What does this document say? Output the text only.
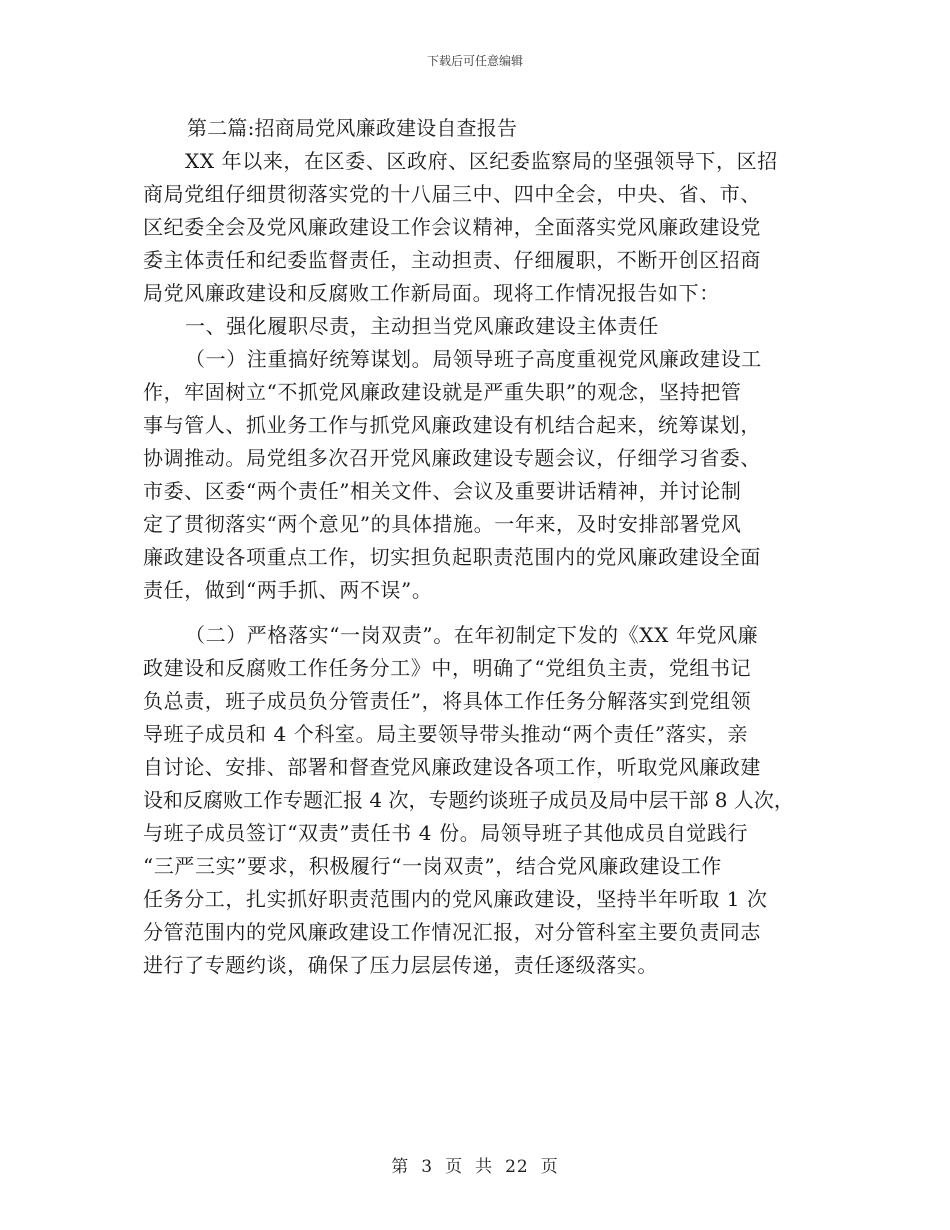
下载后可任意编辑
第二篇:招商局党风廉政建设自查报告
XX 年以来，在区委、区政府、区纪委监察局的坚强领导下，区招
商局党组仔细贯彻落实党的十八届三中、四中全会，中央、省、市、
区纪委全会及党风廉政建设工作会议精神，全面落实党风廉政建设党
委主体责任和纪委监督责任，主动担责、仔细履职，不断开创区招商
局党风廉政建设和反腐败工作新局面。现将工作情况报告如下：
一、强化履职尽责，主动担当党风廉政建设主体责任
（一）注重搞好统筹谋划。局领导班子高度重视党风廉政建设工
作，牢固树立“不抓党风廉政建设就是严重失职”的观念，坚持把管
事与管人、抓业务工作与抓党风廉政建设有机结合起来，统筹谋划，
协调推动。局党组多次召开党风廉政建设专题会议，仔细学习省委、
市委、区委“两个责任”相关文件、会议及重要讲话精神，并讨论制
定了贯彻落实“两个意见”的具体措施。一年来，及时安排部署党风
廉政建设各项重点工作，切实担负起职责范围内的党风廉政建设全面
责任，做到“两手抓、两不误”。
（二）严格落实“一岗双责”。在年初制定下发的《XX 年党风廉
政建设和反腐败工作任务分工》中，明确了“党组负主责，党组书记
负总责，班子成员负分管责任”，将具体工作任务分解落实到党组领
导班子成员和 4 个科室。局主要领导带头推动“两个责任”落实，亲
自讨论、安排、部署和督查党风廉政建设各项工作，听取党风廉政建
设和反腐败工作专题汇报 4 次，专题约谈班子成员及局中层干部 8 人次，
与班子成员签订“双责”责任书 4 份。局领导班子其他成员自觉践行
“三严三实”要求，积极履行“一岗双责”，结合党风廉政建设工作
任务分工，扎实抓好职责范围内的党风廉政建设，坚持半年听取 1 次
分管范围内的党风廉政建设工作情况汇报，对分管科室主要负责同志
进行了专题约谈，确保了压力层层传递，责任逐级落实。
第 3 页 共 22 页
